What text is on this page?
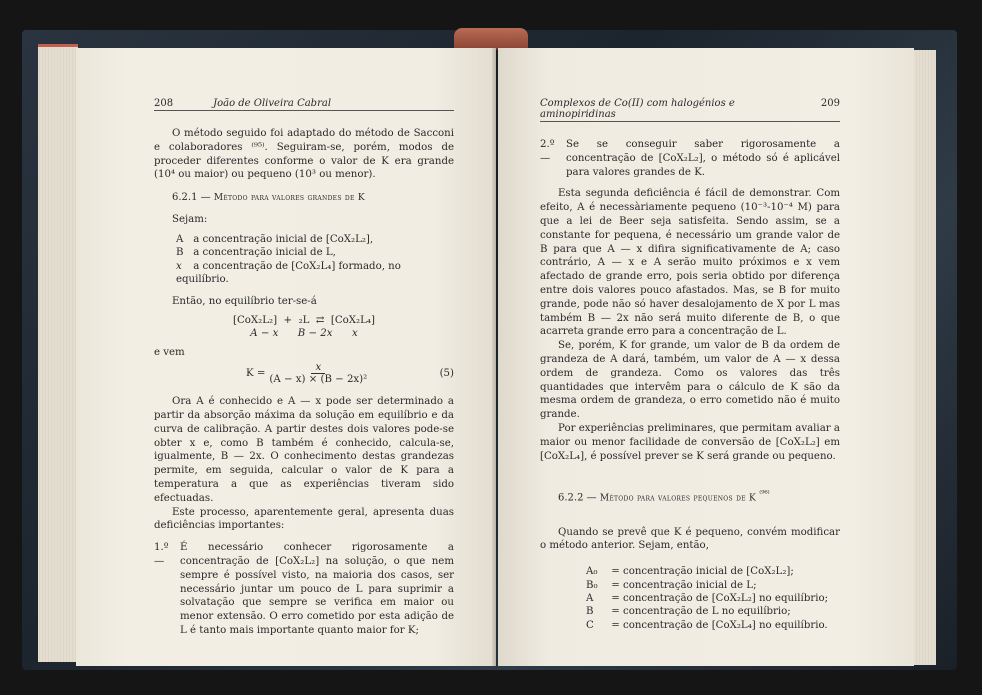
208	João de Oliveira Cabral

O método seguido foi adaptado do método de Sacconi e colaboradores ⁽⁹⁵⁾. Seguiram-se, porém, modos de proceder diferentes conforme o valor de K era grande (10⁴ ou maior) ou pequeno (10³ ou menor).

6.2.1 — Método para valores grandes de K

Sejam:

A a concentração inicial de [CoX₂L₂],
B a concentração inicial de L,
x a concentração de [CoX₂L₄] formado, no equilíbrio.

Então, no equilíbrio ter-se-á

[CoX₂L₂]  +  ₂L  ⇄  [CoX₂L₄]
A − x      B − 2x      x

e vem

$K = \frac{x}{\text{(A − x) × (B − 2x)²}}$	(5)

Ora A é conhecido e A — x pode ser determinado a partir da absorção máxima da solução em equilíbrio e da curva de calibração. A partir destes dois valores pode-se obter x e, como B também é conhecido, calcula-se, igualmente, B — 2x. O conhecimento destas grandezas permite, em seguida, calcular o valor de K para a temperatura a que as experiências tiveram sido efectuadas.

Este processo, aparentemente geral, apresenta duas deficiências importantes:

1.º —
É necessário conhecer rigorosamente a concentração de [CoX₂L₂] na solução, o que nem sempre é possível visto, na maioria dos casos, ser necessário juntar um pouco de L para suprimir a solvatação que sempre se verifica em maior ou menor extensão. O erro cometido por esta adição de L é tanto mais importante quanto maior for K;
Complexos de Co(II) com halogénios e aminopiridinas
209
2.º —
Se se conseguir saber rigorosamente a concentração de [CoX₂L₂], o método só é aplicável para valores grandes de K.

Esta segunda deficiência é fácil de demonstrar. Com efeito, A é necessàriamente pequeno (10⁻³-10⁻⁴ M) para que a lei de Beer seja satisfeita. Sendo assim, se a constante for pequena, é necessário um grande valor de B para que A — x difira significativamente de A; caso contrário, A — x e A serão muito próximos e x vem afectado de grande erro, pois seria obtido por diferença entre dois valores pouco afastados. Mas, se B for muito grande, pode não só haver desalojamento de X por L mas também B — 2x não será muito diferente de B, o que acarreta grande erro para a concentração de L.

Se, porém, K for grande, um valor de B da ordem de grandeza de A dará, também, um valor de A — x dessa ordem de grandeza. Como os valores das três quantidades que intervêm para o cálculo de K são da mesma ordem de grandeza, o erro cometido não é muito grande.

Por experiências preliminares, que permitam avaliar a maior ou menor facilidade de conversão de [CoX₂L₂] em [CoX₂L₄], é possível prever se K será grande ou pequeno.

6.2.2 — Método para valores pequenos de K $^{^{(96)}}$

Quando se prevê que K é pequeno, convém modificar o método anterior. Sejam, então,

A₀ = concentração inicial de [CoX₂L₂];
B₀ = concentração inicial de L;
A = concentração de [CoX₂L₂] no equilíbrio;
B = concentração de L no equilíbrio;
C = concentração de [CoX₂L₄] no equilíbrio.
